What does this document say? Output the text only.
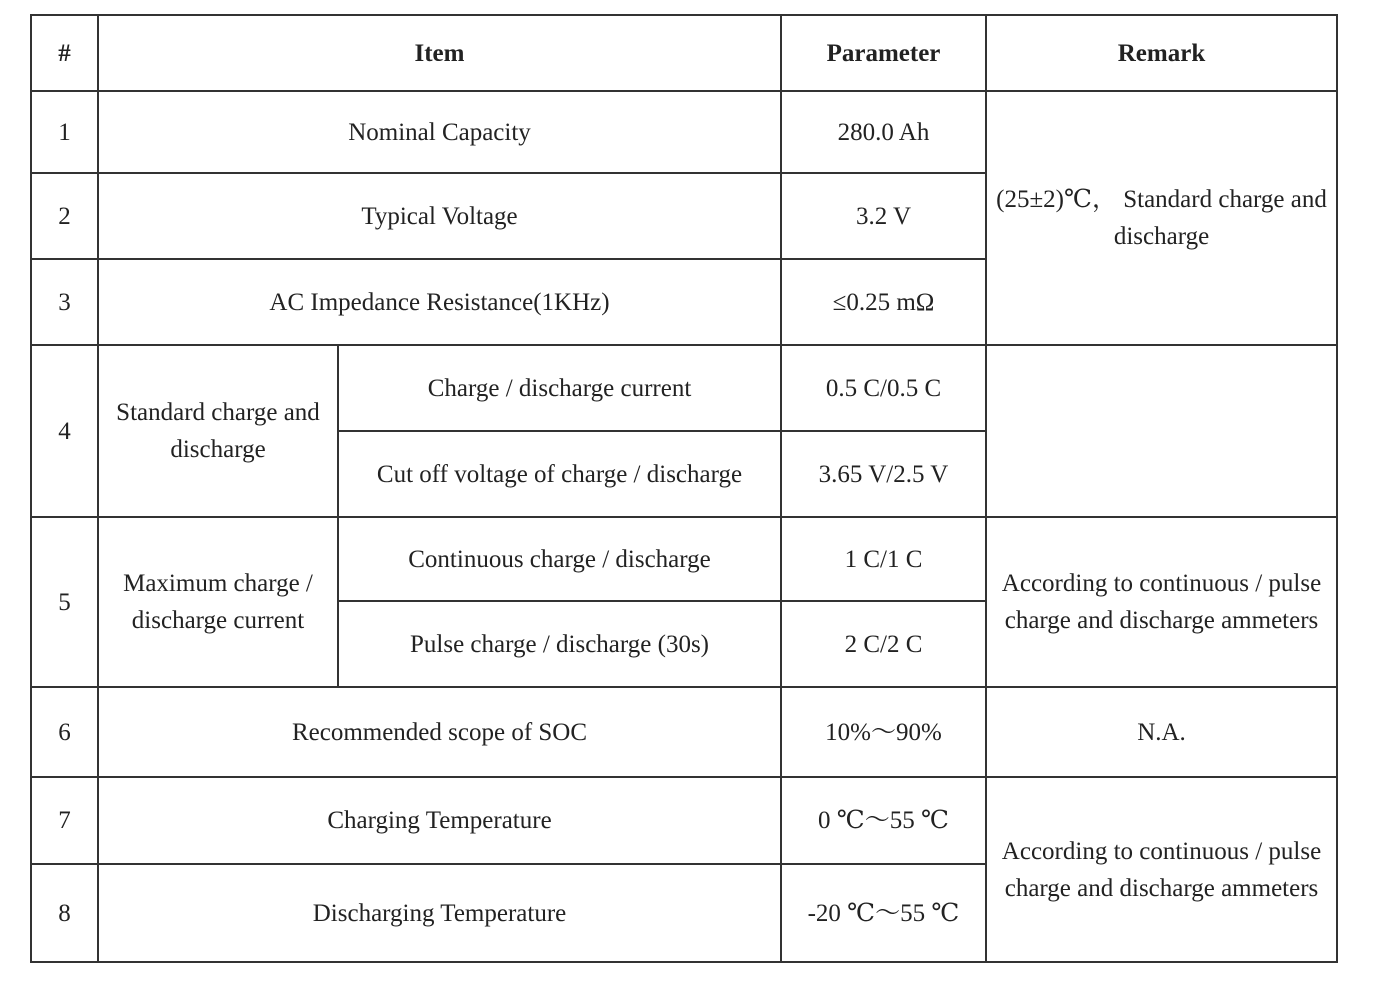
#	Item		Parameter	Remark
1	Nominal Capacity		280.0 Ah	(25±2)℃， Standard charge and discharge
2	Typical Voltage		3.2 V	
3	AC Impedance Resistance(1KHz)		≤0.25 mΩ	
4	Standard charge and discharge	Charge / discharge current	0.5 C/0.5 C	
		Cut off voltage of charge / discharge	3.65 V/2.5 V	
5	Maximum charge / discharge current	Continuous charge / discharge	1 C/1 C	According to continuous / pulse charge and discharge ammeters
		Pulse charge / discharge (30s)	2 C/2 C	
6	Recommended scope of SOC		10%～90%	N.A.
7	Charging Temperature		0 ℃～55 ℃	According to continuous / pulse charge and discharge ammeters
8	Discharging Temperature		-20 ℃～55 ℃	
